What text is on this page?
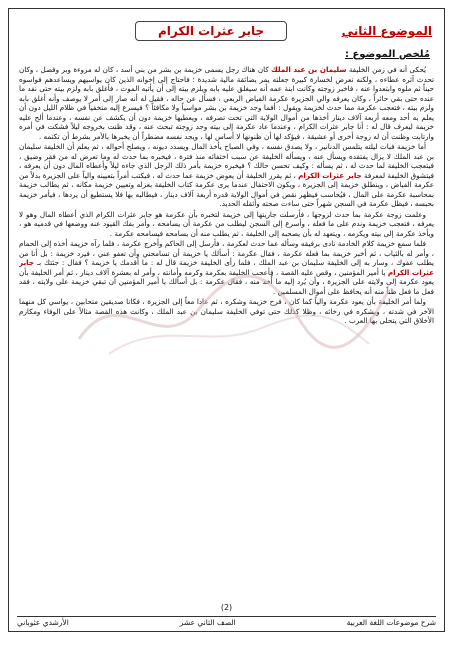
الموضوع الثاني
جابر عثرات الكرام
مُلخص الموضوع :

يُحكى أنه في زمن الخليفة سليمان بن عبد الملك كان هناك رجل يسمى خزيمة بن بشر من بني أسد ، كان له مروءة وبر وفضل ، وكان تحدث آثره عطاءه ، ولكنه تعرض لخسارة كبيرة جعلته يمر بضائقة مالية شديدة ؛ فاحتاج إلى إخوانه الذين كان يواسيهم ويساعدهم فواسوه حيناً ثم ملوه وابتعدوا عنه ، فاخبر زوجته وكانت ابنة عمه أنه سيغلق عليه بابه ويلزم بيته إلى أن يأتيه الموت ، فأغلق بابه ولزم بيته حتى نفد ما عنده حتى بقي حائراً ، وكان يعرفه والي الجزيرة عكرمة الفياض الربعي ، فسأل عن حاله ، فقيل له أنه صار إلى أمر لا يوصف وأنه أغلق بابه ولزم بيته ، فتعجب عكرمة مما حدث لخزيمة ويقول : أفما وجد خزيمة بن بشر مواسياً ولا مكافئاً ؟ فيسرع إليه متخفياً في ظلام الليل دون أن يعلم به أحد ومعه أربعة آلاف دينار أخذها من أموال الولاية التي تحت تصرفه ، ويعطيها خزيمة دون أن يكشف عن نفسه ، وعندما ألح عليه خزيمة ليعرف قال له : أنا جابر عثرات الكرام ، وعندما عاد عكرمة إلى بيته وجد زوجته تبحث عنه ، وقد ظنت بخروجه ليلاً فشكت في أمره وارتابت وظنت أن له زوجة أخرى أو عشيقة ، فيؤكد لها أن ظنونها لا أساس لها ، ويجد نفسه مضطراً أن يخبرها بالأمر بشرط أن تكتمه .

أما خزيمة فبات ليلته يتلمس الدنانير ، ولا يصدق نفسه ، وفي الصباح يأخذ المال ويسدد ديونه ، ويصلح أحواله ، ثم يعلم أن الخليفة سليمان بن عبد الملك لا يزال يفتقده ويسأل عنه ، ويسأله الخليفة عن سبب اختفائه منذ فترة ، فيخبره بما حدث له وما تعرض له من فقر وضيق ، فيتعجب الخليفة لما حدث له ، ثم يسأله : وكيف تحسن حالك ؟ فيخبره خزيمة بأمر ذلك الرجل الذي جاءه ليلاً وأعطاه المال دون أن يعرفه ، فيتشوق الخليفة لمعرفة جابر عثرات الكرام ، ثم يقرر الخليفة أن يعوض خزيمة عما حدث له ، فيكتب أمراً بتعيينه والياً على الجزيرة بدلاً من عكرمة الفياض ، وينطلق خزيمة إلى الجزيرة ، ويكون الاحتفال عندما يرى عكرمة كتاب الخليفة بعزله وتعيين خزيمة مكانه ، ثم يطالب خزيمة بمحاسبة عكرمة على المال ، فيُحاسب فيظهر نقص في أموال الولاية قدره أربعة آلاف دينار ، فيطالبه بها فلا يستطيع أن يردها ، فيأمر خزيمة بحبسه ، فيظل عكرمة في السجن شهراً حتى ساءت صحته وأثقله الحديد.

وعلمت زوجة عكرمة بما حدث لزوجها ، فأرسلت جاريتها إلى خزيمة لتخبره بأن عكرمة هو جابر عثرات الكرام الذي أعطاه المال وهو لا يعرفه ، فتعجب خزيمة وندم على ما فعله ، وأسرع إلى السجن ليطلب من عكرمة أن يسامحه ، وأمر بفك القيود عنه ووضعها في قدميه هو ، ويأخذ عكرمة إلى بيته ويكرمه ، ويتعهد له بأن يصحبه إلى الخليفة ، ثم يطلب منه أن يسامحه فيسامحه عكرمة .

فلما سمع خزيمة كلام الخادمة نادى برفيقه وسأله عما حدث لعكرمة ، فأرسل إلى الحاكم وأخرج عكرمة ، فلما رآه خزيمة أخذه إلى الحمام ، وأمر له بالثياب ، ثم أخبر خزيمة بما فعله عكرمة ، فقال عكرمة : أسألك يا خزيمة أن تسامحني وأن تعفو عني ، فيرد خزيمة : بل أنا من يطلب عفوك ، وسار به إلى الخليفة سليمان بن عبد الملك ، فلما رأى الخليفة خزيمة قال له : ما أقدمك يا خزيمة ؟ فقال : جئتك بـ جابر عثرات الكرام يا أمير المؤمنين ، وقص عليه القصة ، فأعجب الخليفة بعكرمة وكرمه وأمانته ، وأمر له بعشرة آلاف دينار ، ثم أمر الخليفة بأن يعود عكرمة إلى ولايته على الجزيرة ، وأن يُرد إليه ما أُخذ منه ، فقال عكرمة : بل أسألك يا أمير المؤمنين أن تبقي خزيمة على ولايته ، فقد فعل ما فعل ظناً منه أنه يحافظ على أموال المسلمين .

ولما أمر الخليفة بأن يعود عكرمة والياً كما كان ، فرح خزيمة وشكره ، ثم عادا معاً إلى الجزيرة ، فكانا صديقين متحابين ، يواسي كل منهما الآخر في شدته ، ويشكره في رخائه ، وظلا كذلك حتى توفي الخليفة سليمان بن عبد الملك ، وكانت هذه القصة مثالاً على الوفاء ومكارم الأخلاق التي يتحلى بها العرب .

(2)
شرح موضوعات اللغة العربية
الصف الثاني عشر
الأرشدي عثوباني
